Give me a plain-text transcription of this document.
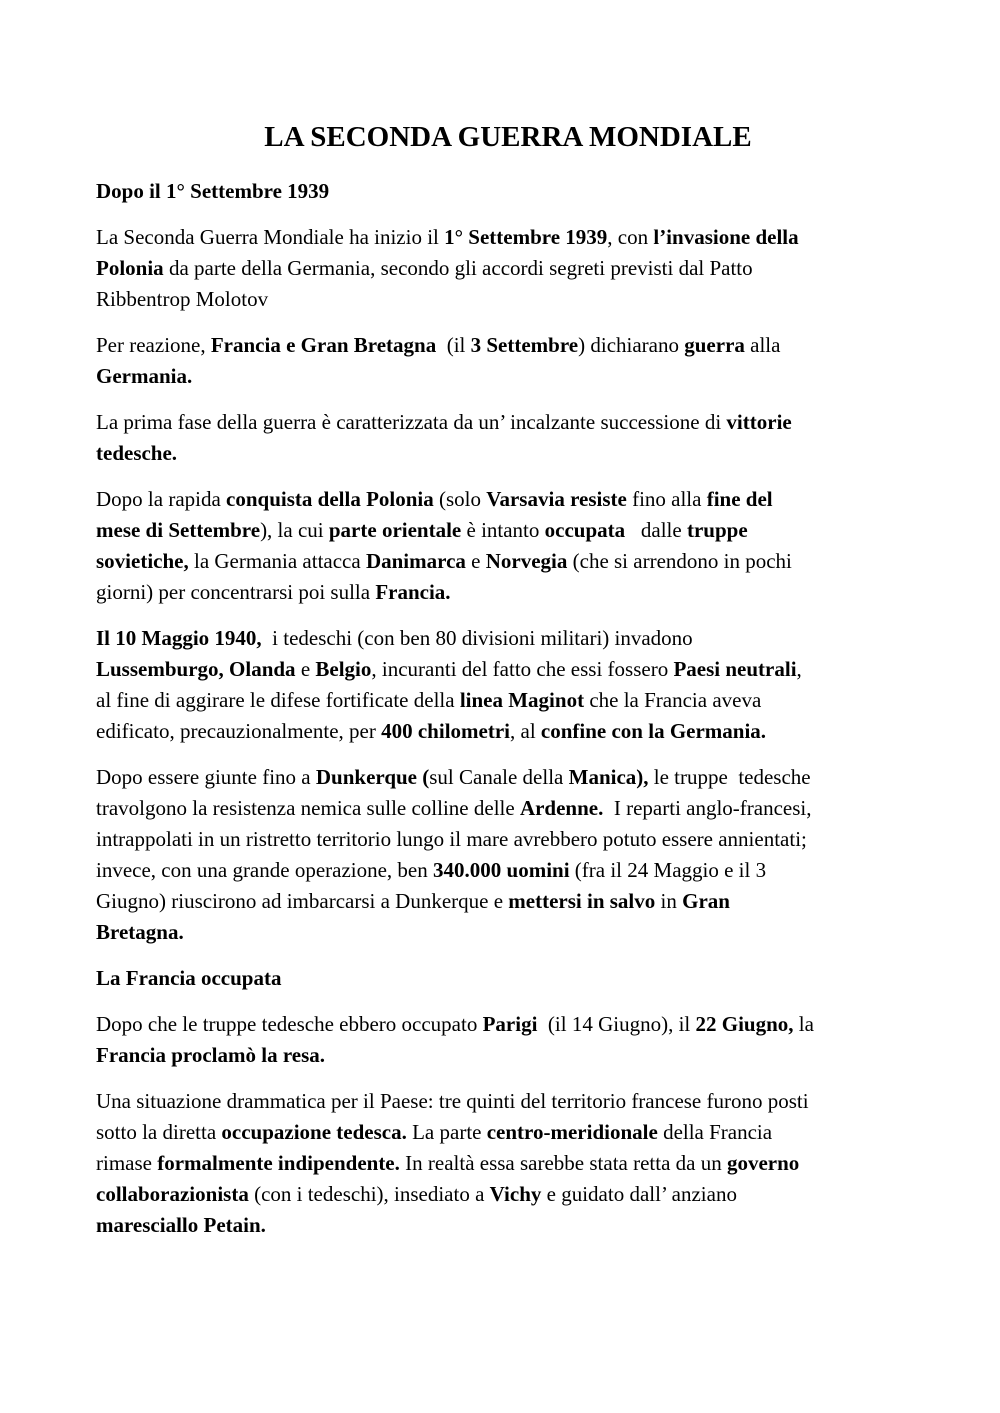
LA SECONDA GUERRA MONDIALE
Dopo il 1° Settembre 1939

La Seconda Guerra Mondiale ha inizio il 1° Settembre 1939, con l’invasione della
Polonia da parte della Germania, secondo gli accordi segreti previsti dal Patto
Ribbentrop Molotov

Per reazione, Francia e Gran Bretagna  (il 3 Settembre) dichiarano guerra alla
Germania.

La prima fase della guerra è caratterizzata da un’ incalzante successione di vittorie
tedesche.

Dopo la rapida conquista della Polonia (solo Varsavia resiste fino alla fine del
mese di Settembre), la cui parte orientale è intanto occupata   dalle truppe
sovietiche, la Germania attacca Danimarca e Norvegia (che si arrendono in pochi
giorni) per concentrarsi poi sulla Francia.

Il 10 Maggio 1940,  i tedeschi (con ben 80 divisioni militari) invadono
Lussemburgo, Olanda e Belgio, incuranti del fatto che essi fossero Paesi neutrali,
al fine di aggirare le difese fortificate della linea Maginot che la Francia aveva
edificato, precauzionalmente, per 400 chilometri, al confine con la Germania.

Dopo essere giunte fino a Dunkerque (sul Canale della Manica), le truppe  tedesche
travolgono la resistenza nemica sulle colline delle Ardenne.  I reparti anglo-francesi,
intrappolati in un ristretto territorio lungo il mare avrebbero potuto essere annientati;
invece, con una grande operazione, ben 340.000 uomini (fra il 24 Maggio e il 3
Giugno) riuscirono ad imbarcarsi a Dunkerque e mettersi in salvo in Gran
Bretagna.

La Francia occupata

Dopo che le truppe tedesche ebbero occupato Parigi  (il 14 Giugno), il 22 Giugno, la
Francia proclamò la resa.

Una situazione drammatica per il Paese: tre quinti del territorio francese furono posti
sotto la diretta occupazione tedesca. La parte centro-meridionale della Francia
rimase formalmente indipendente. In realtà essa sarebbe stata retta da un governo
collaborazionista (con i tedeschi), insediato a Vichy e guidato dall’ anziano
maresciallo Petain.
